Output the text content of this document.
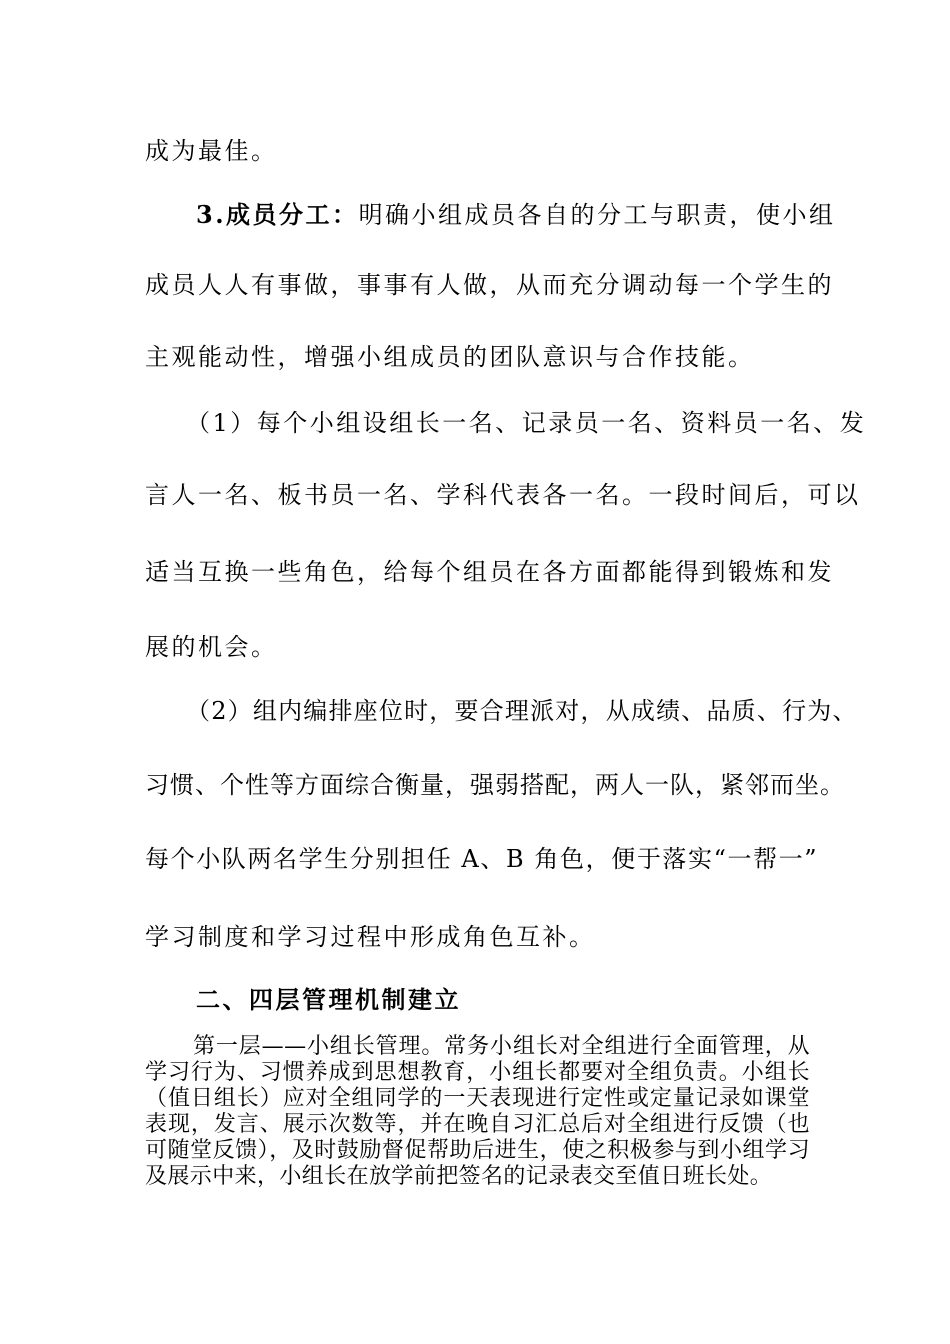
成为最佳。
3.成员分工：明确小组成员各自的分工与职责，使小组
成员人人有事做，事事有人做，从而充分调动每一个学生的
主观能动性，增强小组成员的团队意识与合作技能。
（1）每个小组设组长一名、记录员一名、资料员一名、发
言人一名、板书员一名、学科代表各一名。一段时间后，可以
适当互换一些角色，给每个组员在各方面都能得到锻炼和发
展的机会。
（2）组内编排座位时，要合理派对，从成绩、品质、行为、
习惯、个性等方面综合衡量，强弱搭配，两人一队，紧邻而坐。
每个小队两名学生分别担任 A、B 角色，便于落实“一帮一”
学习制度和学习过程中形成角色互补。
二、四层管理机制建立
第一层——小组长管理。常务小组长对全组进行全面管理，从学习行为、习惯养成到思想教育，小组长都要对全组负责。小组长（值日组长）应对全组同学的一天表现进行定性或定量记录如课堂表现，发言、展示次数等，并在晚自习汇总后对全组进行反馈（也可随堂反馈），及时鼓励督促帮助后进生，使之积极参与到小组学习及展示中来，小组长在放学前把签名的记录表交至值日班长处。
